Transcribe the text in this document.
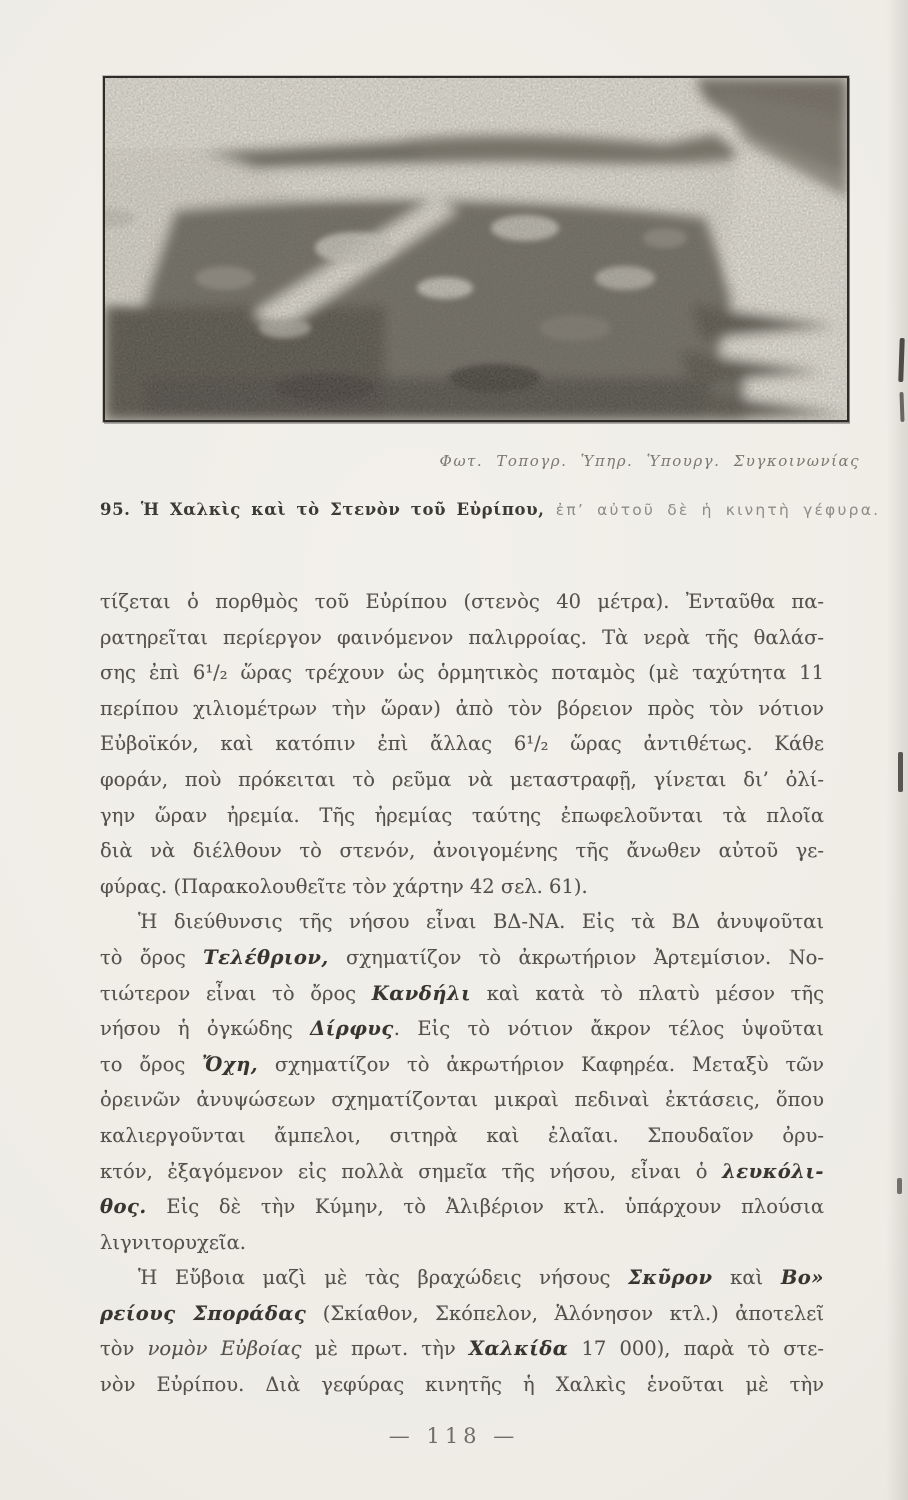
Φωτ. Τοπογρ. Ὑπηρ. Ὑπουργ. Συγκοινωνίας
95. Ἡ Χαλκὶς καὶ τὸ Στενὸν τοῦ Εὐρίπου, ἐπ’ αὐτοῦ δὲ ἡ κινητὴ γέφυρα.
τίζεται ὁ πορθμὸς τοῦ Εὐρίπου (στενὸς 40 μέτρα). Ἐνταῦθα πα-
ρατηρεῖται περίεργον φαινόμενον παλιρροίας. Τὰ νερὰ τῆς θαλάσ-
σης ἐπὶ 6¹/₂ ὥρας τρέχουν ὡς ὁρμητικὸς ποταμὸς (μὲ ταχύτητα 11
περίπου χιλιομέτρων τὴν ὥραν) ἀπὸ τὸν βόρειον πρὸς τὸν νότιον
Εὐβοϊκόν, καὶ κατόπιν ἐπὶ ἄλλας 6¹/₂ ὥρας ἀντιθέτως. Κάθε
φοράν, ποὺ πρόκειται τὸ ρεῦμα νὰ μεταστραφῇ, γίνεται δι’ ὀλί-
γην ὥραν ἠρεμία. Τῆς ἠρεμίας ταύτης ἐπωφελοῦνται τὰ πλοῖα
διὰ νὰ διέλθουν τὸ στενόν, ἀνοιγομένης τῆς ἄνωθεν αὐτοῦ γε-
φύρας. (Παρακολουθεῖτε τὸν χάρτην 42 σελ. 61).
Ἡ διεύθυνσις τῆς νήσου εἶναι ΒΔ-ΝΑ. Εἰς τὰ ΒΔ ἀνυψοῦται
τὸ ὄρος Τελέθριον, σχηματίζον τὸ ἀκρωτήριον Ἀρτεμίσιον. Νο-
τιώτερον εἶναι τὸ ὄρος Κανδήλι καὶ κατὰ τὸ πλατὺ μέσον τῆς
νήσου ἡ ὀγκώδης Δίρφυς. Εἰς τὸ νότιον ἄκρον τέλος ὑψοῦται
το ὄρος Ὄχη, σχηματίζον τὸ ἀκρωτήριον Καφηρέα. Μεταξὺ τῶν
ὀρεινῶν ἀνυψώσεων σχηματίζονται μικραὶ πεδιναὶ ἐκτάσεις, ὅπου
καλιεργοῦνται ἄμπελοι, σιτηρὰ καὶ ἐλαῖαι. Σπουδαῖον ὀρυ-
κτόν, ἐξαγόμενον εἰς πολλὰ σημεῖα τῆς νήσου, εἶναι ὁ λευκόλι-
θος. Εἰς δὲ τὴν Κύμην, τὸ Ἀλιβέριον κτλ. ὑπάρχουν πλούσια
λιγνιτορυχεῖα.
Ἡ Εὔβοια μαζὶ μὲ τὰς βραχώδεις νήσους Σκῦρον καὶ Βο»
ρείους Σποράδας (Σκίαθον, Σκόπελον, Ἁλόνησον κτλ.) ἀποτελεῖ
τὸν νομὸν Εὐβοίας μὲ πρωτ. τὴν Χαλκίδα 17 000), παρὰ τὸ στε-
νὸν Εὐρίπου. Διὰ γεφύρας κινητῆς ἡ Χαλκὶς ἑνοῦται μὲ τὴν
— 118 —
